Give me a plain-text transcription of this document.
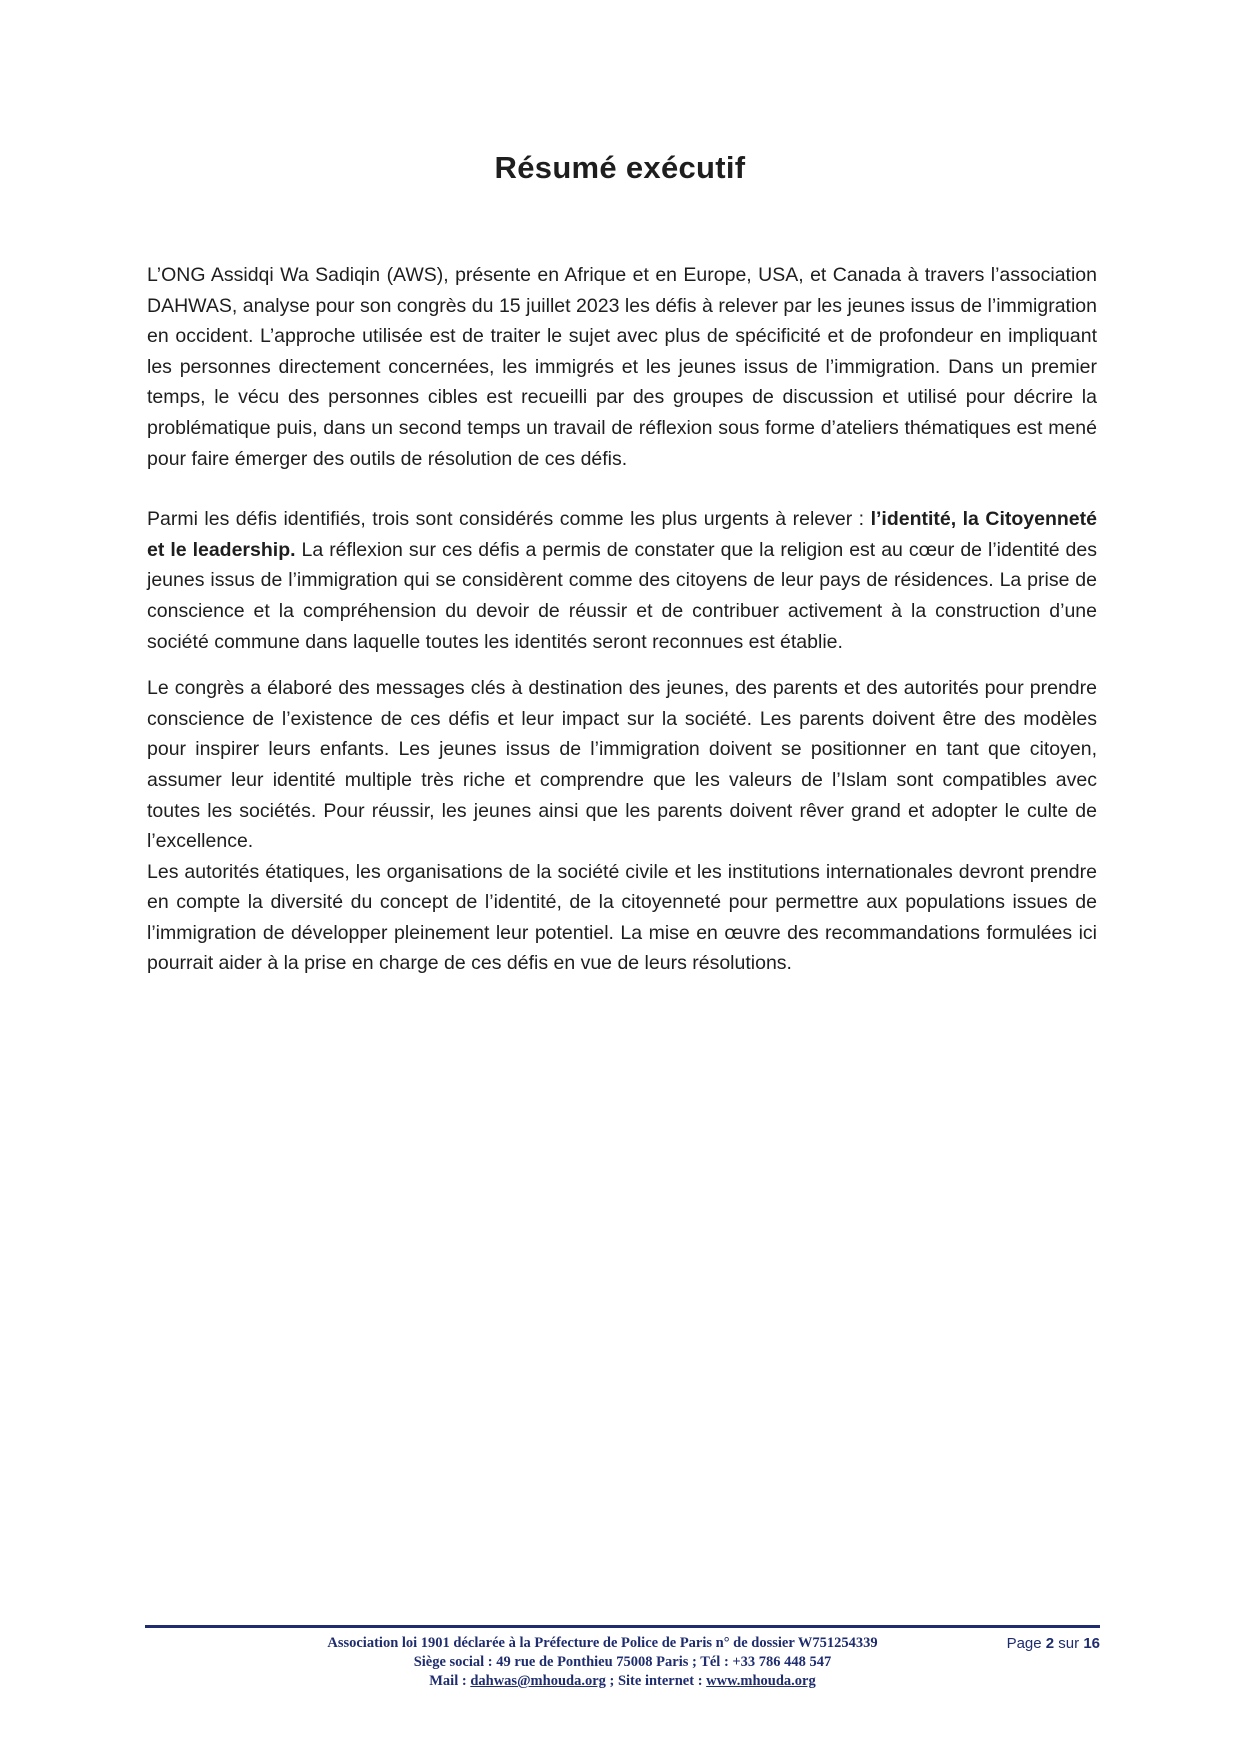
Résumé exécutif

L’ONG Assidqi Wa Sadiqin (AWS), présente en Afrique et en Europe, USA, et Canada à travers l’association DAHWAS, analyse pour son congrès du 15 juillet 2023 les défis à relever par les jeunes issus de l’immigration en occident. L’approche utilisée est de traiter le sujet avec plus de spécificité et de profondeur en impliquant les personnes directement concernées, les immigrés et les jeunes issus de l’immigration. Dans un premier temps, le vécu des personnes cibles est recueilli par des groupes de discussion et utilisé pour décrire la problématique puis, dans un second temps un travail de réflexion sous forme d’ateliers thématiques est mené pour faire émerger des outils de résolution de ces défis.

Parmi les défis identifiés, trois sont considérés comme les plus urgents à relever : l’identité, la Citoyenneté et le leadership. La réflexion sur ces défis a permis de constater que la religion est au cœur de l’identité des jeunes issus de l’immigration qui se considèrent comme des citoyens de leur pays de résidences. La prise de conscience et la compréhension du devoir de réussir et de contribuer activement à la construction d’une société commune dans laquelle toutes les identités seront reconnues est établie.

Le congrès a élaboré des messages clés à destination des jeunes, des parents et des autorités pour prendre conscience de l’existence de ces défis et leur impact sur la société. Les parents doivent être des modèles pour inspirer leurs enfants. Les jeunes issus de l’immigration doivent se positionner en tant que citoyen, assumer leur identité multiple très riche et comprendre que les valeurs de l’Islam sont compatibles avec toutes les sociétés. Pour réussir, les jeunes ainsi que les parents doivent rêver grand et adopter le culte de l’excellence.

Les autorités étatiques, les organisations de la société civile et les institutions internationales devront prendre en compte la diversité du concept de l’identité, de la citoyenneté pour permettre aux populations issues de l’immigration de développer pleinement leur potentiel. La mise en œuvre des recommandations formulées ici pourrait aider à la prise en charge de ces défis en vue de leurs résolutions.

Association loi 1901 déclarée à la Préfecture de Police de Paris n° de dossier W751254339	Page 2 sur 16
Siège social : 49 rue de Ponthieu 75008 Paris ; Tél : +33 786 448 547
Mail : dahwas@mhouda.org ; Site internet : www.mhouda.org
